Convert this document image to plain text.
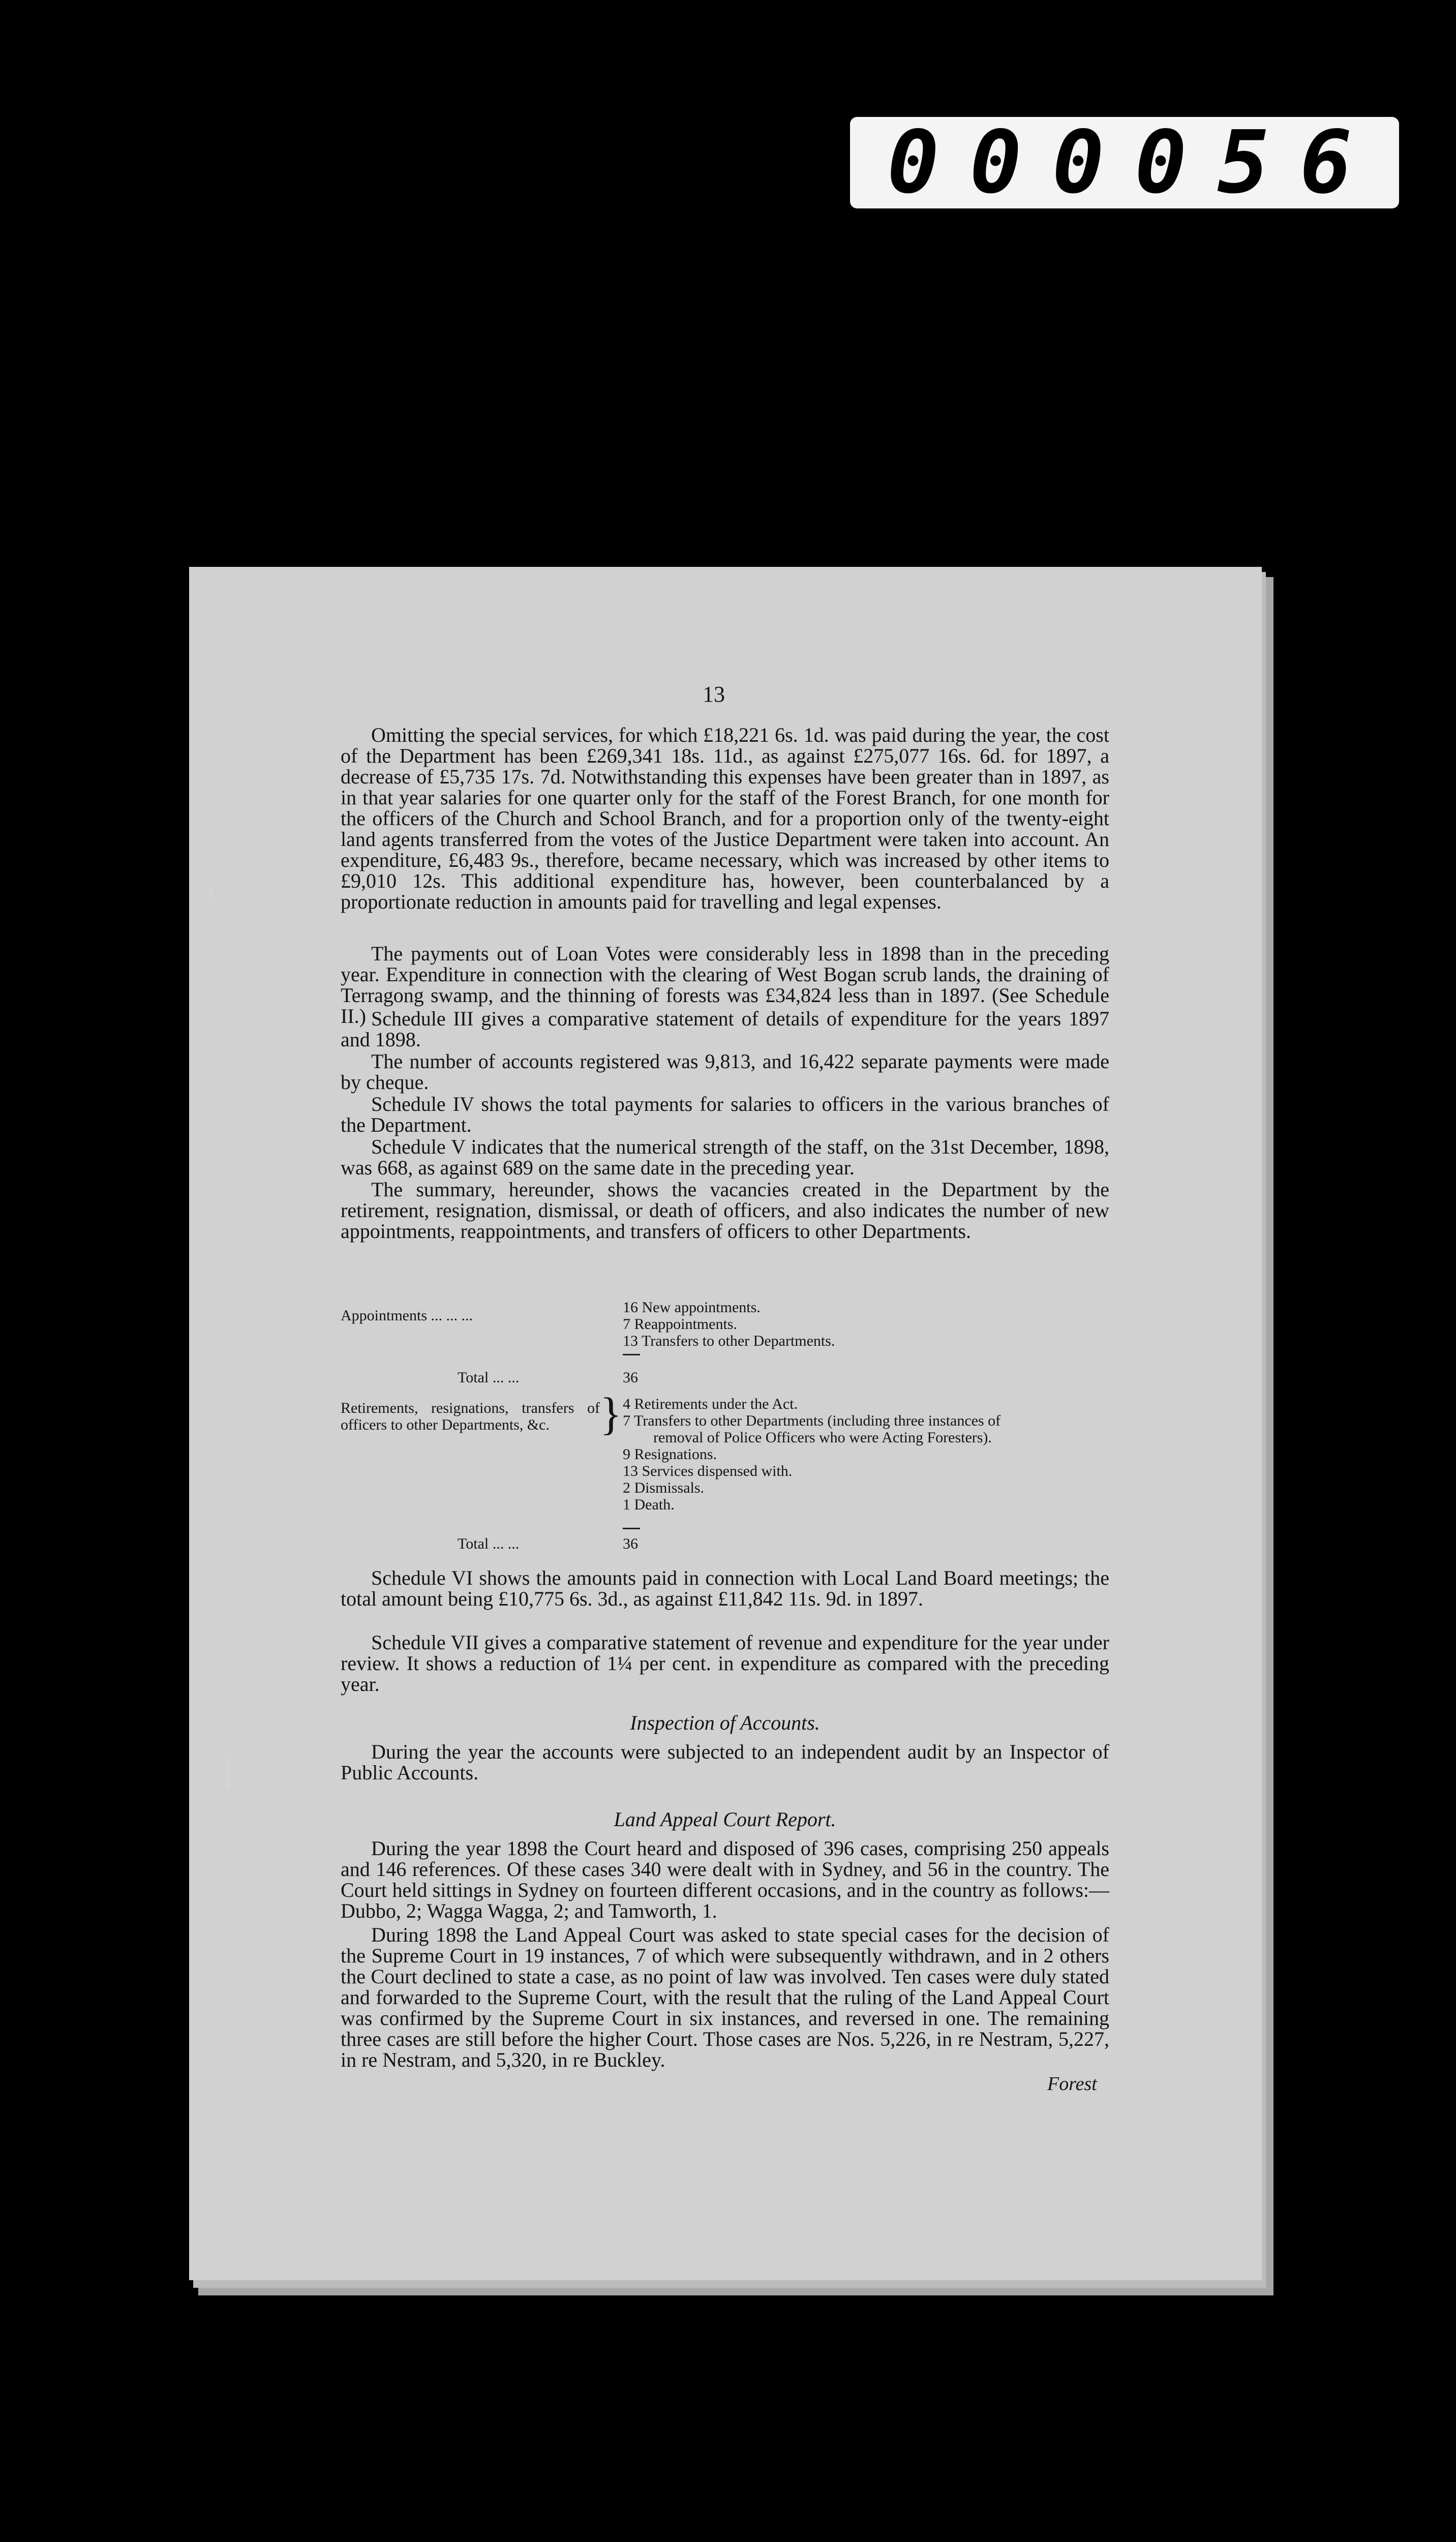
000056
13

Omitting the special services, for which £18,221 6s. 1d. was paid during the year, the cost of the Department has been £269,341 18s. 11d., as against £275,077 16s. 6d. for 1897, a decrease of £5,735 17s. 7d. Notwithstanding this expenses have been greater than in 1897, as in that year salaries for one quarter only for the staff of the Forest Branch, for one month for the officers of the Church and School Branch, and for a proportion only of the twenty-eight land agents transferred from the votes of the Justice Department were taken into account. An expenditure, £6,483 9s., therefore, became necessary, which was increased by other items to £9,010 12s. This additional expenditure has, however, been counterbalanced by a proportionate reduction in amounts paid for travelling and legal expenses.

The payments out of Loan Votes were considerably less in 1898 than in the preceding year. Expenditure in connection with the clearing of West Bogan scrub lands, the draining of Terragong swamp, and the thinning of forests was £34,824 less than in 1897. (See Schedule II.) Schedule III gives a comparative statement of details of expenditure for the years 1897 and 1898.

The number of accounts registered was 9,813, and 16,422 separate payments were made by cheque.

Schedule IV shows the total payments for salaries to officers in the various branches of the Department.

Schedule V indicates that the numerical strength of the staff, on the 31st December, 1898, was 668, as against 689 on the same date in the preceding year.

The summary, hereunder, shows the vacancies created in the Department by the retirement, resignation, dismissal, or death of officers, and also indicates the number of new appointments, reappointments, and transfers of officers to other Departments.

Appointments ... ... ...	16 New appointments.
7 Reappointments.
13 Transfers to other Departments.
Total ... ...	36
Retirements, resignations, transfers of officers to other Departments, &c.	} 4 Retirements under the Act.
7 Transfers to other Departments (including three instances of
removal of Police Officers who were Acting Foresters).
9 Resignations.
13 Services dispensed with.
2 Dismissals.
1 Death.
Total ... ...	36

Schedule VI shows the amounts paid in connection with Local Land Board meetings; the total amount being £10,775 6s. 3d., as against £11,842 11s. 9d. in 1897.

Schedule VII gives a comparative statement of revenue and expenditure for the year under review. It shows a reduction of 1¼ per cent. in expenditure as compared with the preceding year.

Inspection of Accounts.

During the year the accounts were subjected to an independent audit by an Inspector of Public Accounts.

Land Appeal Court Report.

During the year 1898 the Court heard and disposed of 396 cases, comprising 250 appeals and 146 references. Of these cases 340 were dealt with in Sydney, and 56 in the country. The Court held sittings in Sydney on fourteen different occasions, and in the country as follows:—Dubbo, 2; Wagga Wagga, 2; and Tamworth, 1.

During 1898 the Land Appeal Court was asked to state special cases for the decision of the Supreme Court in 19 instances, 7 of which were subsequently withdrawn, and in 2 others the Court declined to state a case, as no point of law was involved. Ten cases were duly stated and forwarded to the Supreme Court, with the result that the ruling of the Land Appeal Court was confirmed by the Supreme Court in six instances, and reversed in one. The remaining three cases are still before the higher Court. Those cases are Nos. 5,226, in re Nestram, 5,227, in re Nestram, and 5,320, in re Buckley.

Forest
